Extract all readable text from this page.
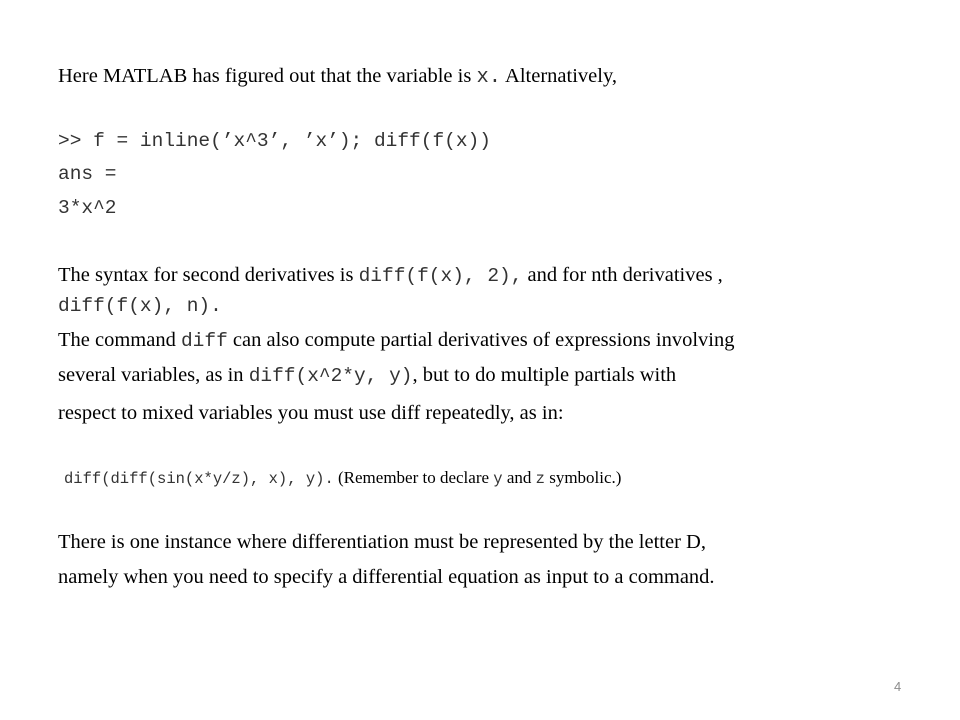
Here MATLAB has figured out that the variable is x. Alternatively,
>> f = inline(’x^3’, ’x’); diff(f(x))
ans =
3*x^2
The syntax for second derivatives is diff(f(x), 2), and for nth derivatives ,
diff(f(x), n).
The command diff can also compute partial derivatives of expressions involving
several variables, as in diff(x^2*y, y), but to do multiple partials with
respect to mixed variables you must use diff repeatedly, as in:
diff(diff(sin(x*y/z), x), y). (Remember to declare y and z symbolic.)
There is one instance where differentiation must be represented by the letter D,
namely when you need to specify a differential equation as input to a command.
4
